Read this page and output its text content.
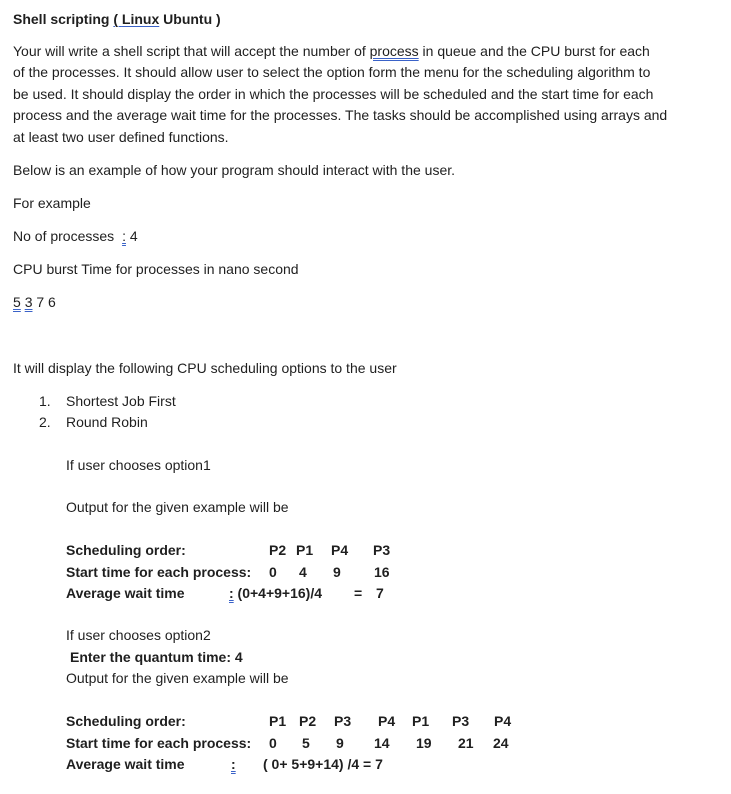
Shell scripting ( Linux Ubuntu )
Your will write a shell script that will accept the number of process in queue and the CPU burst for each
of the processes. It should allow user to select the option form the menu for the scheduling algorithm to
be used. It should display the order in which the processes will be scheduled and the start time for each
process and the average wait time for the processes. The tasks should be accomplished using arrays and
at least two user defined functions.
Below is an example of how your program should interact with the user.
For example
No of processes : 4
CPU burst Time for processes in nano second
5 3 7 6
It will display the following CPU scheduling options to the user
1. Shortest Job First
2. Round Robin
If user chooses option1
Output for the given example will be
Scheduling order:	P2 P1 P4 P3
Start time for each process: 0 4 9 16
Average wait time	: (0+4+9+16)/4 = 7
If user chooses option2
Enter the quantum time: 4
Output for the given example will be
Scheduling order:	P1 P2 P3 P4 P1 P3 P4
Start time for each process: 0 5 9 14 19 21 24
Average wait time	: ( 0+ 5+9+14) /4 = 7
